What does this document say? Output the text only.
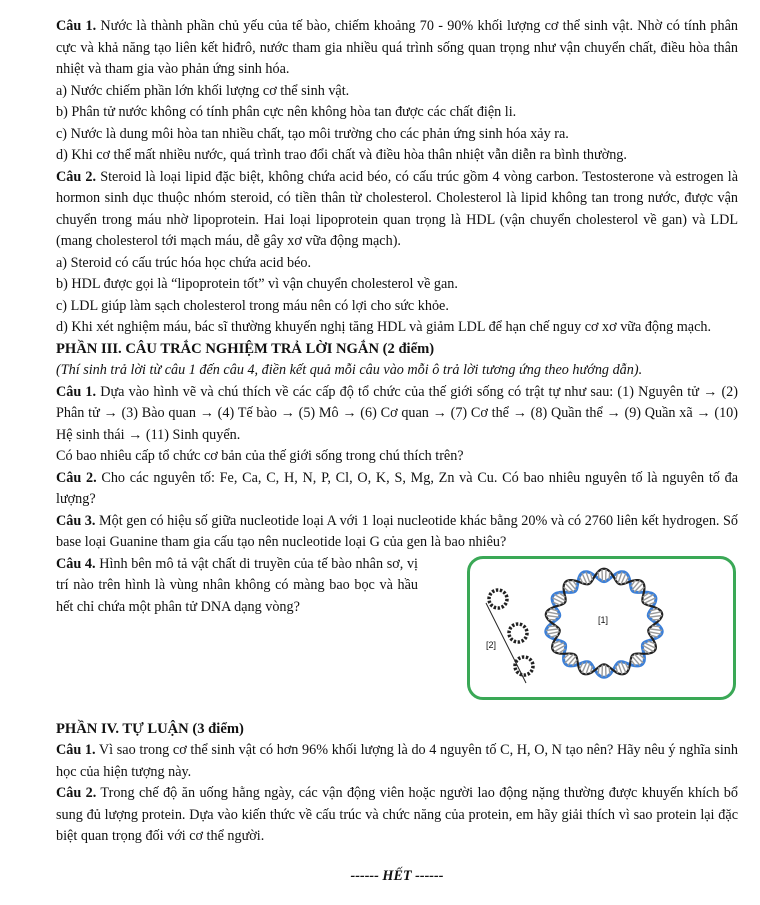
Câu 1. Nước là thành phần chủ yếu của tế bào, chiếm khoảng 70 - 90% khối lượng cơ thể sinh vật. Nhờ có tính phân cực và khả năng tạo liên kết hiđrô, nước tham gia nhiều quá trình sống quan trọng như vận chuyển chất, điều hòa thân nhiệt và tham gia vào phản ứng sinh hóa.

a) Nước chiếm phần lớn khối lượng cơ thể sinh vật.

b) Phân tử nước không có tính phân cực nên không hòa tan được các chất điện li.

c) Nước là dung môi hòa tan nhiều chất, tạo môi trường cho các phản ứng sinh hóa xảy ra.

d) Khi cơ thể mất nhiều nước, quá trình trao đổi chất và điều hòa thân nhiệt vẫn diễn ra bình thường.

Câu 2. Steroid là loại lipid đặc biệt, không chứa acid béo, có cấu trúc gồm 4 vòng carbon. Testosterone và estrogen là hormon sinh dục thuộc nhóm steroid, có tiền thân từ cholesterol. Cholesterol là lipid không tan trong nước, được vận chuyển trong máu nhờ lipoprotein. Hai loại lipoprotein quan trọng là HDL (vận chuyển cholesterol về gan) và LDL (mang cholesterol tới mạch máu, dễ gây xơ vữa động mạch).

a) Steroid có cấu trúc hóa học chứa acid béo.

b) HDL được gọi là “lipoprotein tốt” vì vận chuyển cholesterol về gan.

c) LDL giúp làm sạch cholesterol trong máu nên có lợi cho sức khỏe.

d) Khi xét nghiệm máu, bác sĩ thường khuyến nghị tăng HDL và giảm LDL để hạn chế nguy cơ xơ vữa động mạch.

PHẦN III. CÂU TRẮC NGHIỆM TRẢ LỜI NGẮN (2 điểm)

(Thí sinh trả lời từ câu 1 đến câu 4, điền kết quả mỗi câu vào mỗi ô trả lời tương ứng theo hướng dẫn).

Câu 1. Dựa vào hình vẽ và chú thích về các cấp độ tổ chức của thế giới sống có trật tự như sau: (1) Nguyên tử → (2) Phân tử → (3) Bào quan → (4) Tế bào → (5) Mô → (6) Cơ quan → (7) Cơ thể → (8) Quần thể → (9) Quần xã → (10) Hệ sinh thái → (11) Sinh quyển.

Có bao nhiêu cấp tổ chức cơ bản của thế giới sống trong chú thích trên?

Câu 2. Cho các nguyên tố: Fe, Ca, C, H, N, P, Cl, O, K, S, Mg, Zn và Cu. Có bao nhiêu nguyên tố là nguyên tố đa lượng?

Câu 3. Một gen có hiệu số giữa nucleotide loại A với 1 loại nucleotide khác bằng 20% và có 2760 liên kết hydrogen. Số base loại Guanine tham gia cấu tạo nên nucleotide loại G của gen là bao nhiêu?

Câu 4. Hình bên mô tả vật chất di truyền của tế bào nhân sơ, vị trí nào trên hình là vùng nhân không có màng bao bọc và hầu hết chỉ chứa một phân tử DNA dạng vòng?

[2]
[1]

PHẦN IV. TỰ LUẬN (3 điểm)

Câu 1. Vì sao trong cơ thể sinh vật có hơn 96% khối lượng là do 4 nguyên tố C, H, O, N tạo nên? Hãy nêu ý nghĩa sinh học của hiện tượng này.

Câu 2. Trong chế độ ăn uống hằng ngày, các vận động viên hoặc người lao động nặng thường được khuyến khích bổ sung đủ lượng protein. Dựa vào kiến thức về cấu trúc và chức năng của protein, em hãy giải thích vì sao protein lại đặc biệt quan trọng đối với cơ thể người.

------ HẾT ------
